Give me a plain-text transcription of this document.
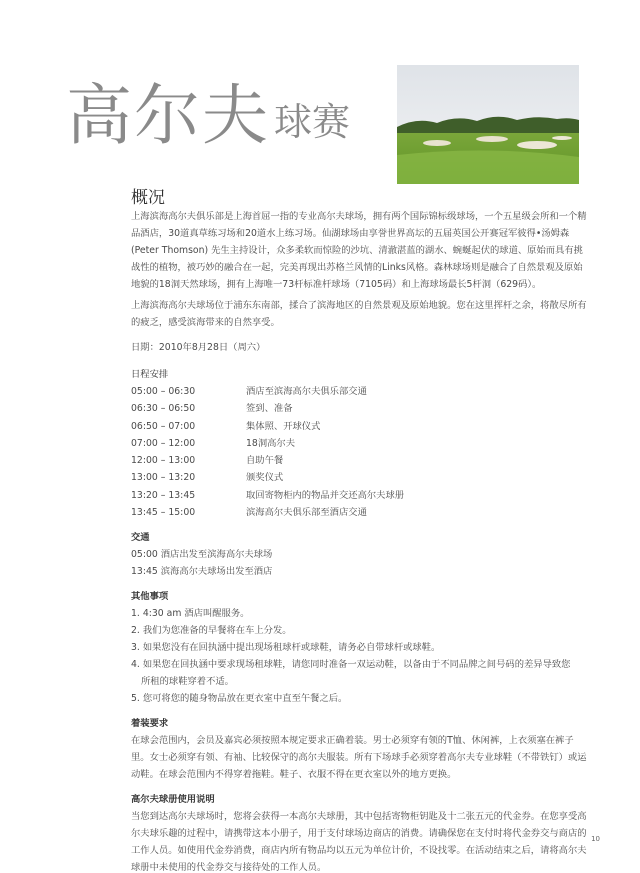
高尔夫 球赛
概况

上海滨海高尔夫俱乐部是上海首屈一指的专业高尔夫球场，拥有两个国际锦标级球场，一个五星级会所和一个精品酒店，30道真草练习场和20道水上练习场。仙湖球场由享誉世界高坛的五届英国公开赛冠军彼得•汤姆森 (Peter Thomson) 先生主持设计，众多柔软而惊险的沙坑、清澈湛蓝的湖水、蜿蜒起伏的球道、原始而具有挑战性的植物，被巧妙的融合在一起，完美再现出苏格兰风情的Links风格。森林球场则是融合了自然景观及原始地貌的18洞天然球场，拥有上海唯一73杆标准杆球场（7105码）和上海球场最长5杆洞（629码）。

上海滨海高尔夫球场位于浦东东南部，揉合了滨海地区的自然景观及原始地貌。您在这里挥杆之余，将散尽所有的疲乏，感受滨海带来的自然享受。

日期：2010年8月28日（周六）

日程安排
05:00 – 06:30	酒店至滨海高尔夫俱乐部交通
06:30 – 06:50	签到、准备
06:50 – 07:00	集体照、开球仪式
07:00 – 12:00	18洞高尔夫
12:00 – 13:00	自助午餐
13:00 – 13:20	颁奖仪式
13:20 – 13:45	取回寄物柜内的物品并交还高尔夫球册
13:45 – 15:00	滨海高尔夫俱乐部至酒店交通
交通
05:00 酒店出发至滨海高尔夫球场
13:45 滨海高尔夫球场出发至酒店
其他事项
1. 4:30 am 酒店叫醒服务。
2. 我们为您准备的早餐将在车上分发。
3. 如果您没有在回执涵中提出现场租球杆或球鞋，请务必自带球杆或球鞋。
4. 如果您在回执涵中要求现场租球鞋，请您同时准备一双运动鞋，以备由于不同品牌之间号码的差异导致您
所租的球鞋穿着不适。
5. 您可将您的随身物品放在更衣室中直至午餐之后。
着装要求

在球会范围内，会员及嘉宾必须按照本规定要求正确着装。男士必须穿有领的T恤、休闲裤，上衣须塞在裤子里。女士必须穿有领、有袖、比较保守的高尔夫服装。所有下场球手必须穿着高尔夫专业球鞋（不带铁钉）或运动鞋。在球会范围内不得穿着拖鞋。鞋子、衣服不得在更衣室以外的地方更换。

高尔夫球册使用说明

当您到达高尔夫球场时，您将会获得一本高尔夫球册，其中包括寄物柜钥匙及十二张五元的代金券。在您享受高尔夫球乐趣的过程中，请携带这本小册子，用于支付球场边商店的消费。请确保您在支付时将代金券交与商店的工作人员。如使用代金券消费，商店内所有物品均以五元为单位计价，不设找零。在活动结束之后，请将高尔夫球册中未使用的代金券交与接待处的工作人员。

10
